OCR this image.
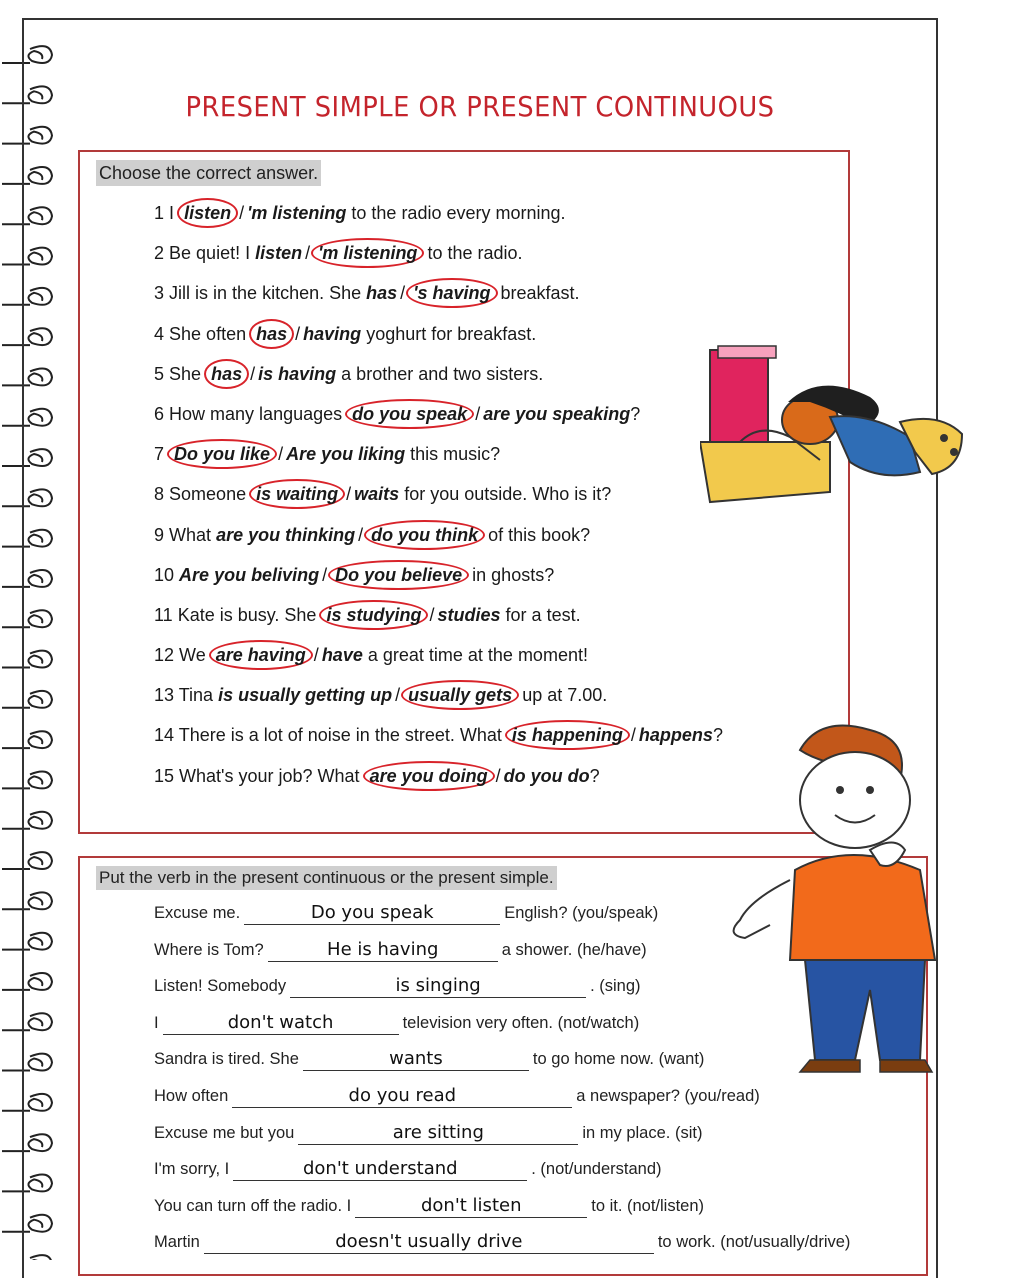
PRESENT SIMPLE OR PRESENT CONTINUOUS
Choose the correct answer.
1 I listen / 'm listening to the radio every morning.
2 Be quiet! I listen / 'm listening to the radio.
3 Jill is in the kitchen. She has / 's having breakfast.
4 She often has / having yoghurt for breakfast.
5 She has / is having a brother and two sisters.
6 How many languages do you speak / are you speaking?
7 Do you like / Are you liking this music?
8 Someone is waiting / waits for you outside. Who is it?
9 What are you thinking / do you think of this book?
10 Are you beliving / Do you believe in ghosts?
11 Kate is busy. She is studying / studies for a test.
12 We are having / have a great time at the moment!
13 Tina is usually getting up / usually gets up at 7.00.
14 There is a lot of noise in the street. What is happening / happens?
15 What's your job? What are you doing / do you do?
Put the verb in the present continuous or the present simple.
Excuse me.	Do you speak	English? (you/speak)
Where is Tom?	He is having	a shower. (he/have)
Listen! Somebody	is singing	. (sing)
I	don't watch	television very often. (not/watch)
Sandra is tired. She	wants	to go home now. (want)
How often	do you read	a newspaper? (you/read)
Excuse me but you	are sitting	in my place. (sit)
I'm sorry, I	don't understand	. (not/understand)
You can turn off the radio. I	don't listen	to it. (not/listen)
Martin	doesn't usually drive	to work. (not/usually/drive)
